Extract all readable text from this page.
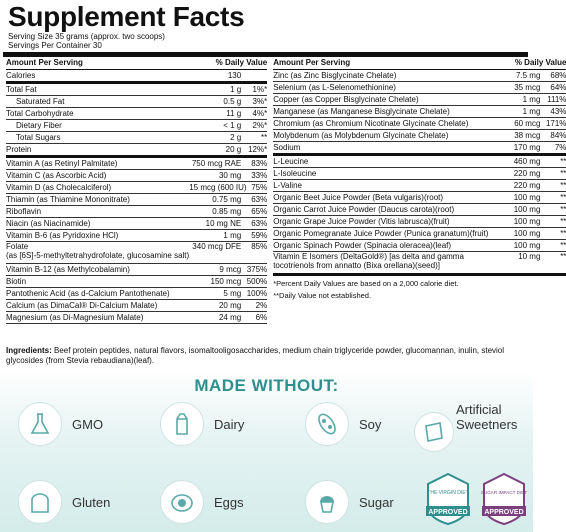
Supplement Facts
Serving Size 35 grams (approx. two scoops)
Servings Per Container 30
Amount Per Serving	% Daily Value
Calories	130
Total Fat	1 g	1%*
Saturated Fat	0.5 g	3%*
Total Carbohydrate	11 g	4%*
Dietary Fiber	< 1 g	2%*
Total Sugars	2 g	**
Protein	20 g 12%*
Vitamin A (as Retinyl Palmitate)	750 mcg RAE	83%
Vitamin C (as Ascorbic Acid)	30 mg	33%
Vitamin D (as Cholecalciferol)	15 mcg (600 IU) 75%
Thiamin (as Thiamine Mononitrate)	0.75 mg	63%
Riboflavin	0.85 mg	65%
Niacin (as Niacinamide)	10 mg NE	63%
Vitamin B-6 (as Pyridoxine HCl)	1 mg	59%
Folate
(as [6S]-5-methyltetrahydrofolate, glucosamine salt)
340 mcg DFE	85%
Vitamin B-12 (as Methylcobalamin)	9 mcg 375%
Biotin	150 mcg 500%
Pantothenic Acid (as d-Calcium Pantothenate)	5 mg 100%
Calcium (as DimaCal® Di-Calcium Malate)	20 mg	2%
Magnesium (as Di-Magnesium Malate)	24 mg	6%
Amount Per Serving	% Daily Value
Zinc (as Zinc Bisglycinate Chelate)	7.5 mg	68%
Selenium (as L-Selenomethionine)	35 mcg	64%
Copper (as Copper Bisglycinate Chelate)	1 mg 111%
Manganese (as Manganese Bisglycinate Chelate)	1 mg	43%
Chromium (as Chromium Nicotinate Glycinate Chelate)	60 mcg 171%
Molybdenum (as Molybdenum Glycinate Chelate)	38 mcg	84%
Sodium	170 mg	7%
L-Leucine	460 mg	**
L-Isoleucine	220 mg	**
L-Valine	220 mg	**
Organic Beet Juice Powder (Beta vulgaris)(root)	100 mg	**
Organic Carrot Juice Powder (Daucus carota)(root)	100 mg	**
Organic Grape Juice Powder (Vitis labrusca)(fruit)	100 mg	**
Organic Pomegranate Juice Powder (Punica granatum)(fruit)	100 mg	**
Organic Spinach Powder (Spinacia oleracea)(leaf)	100 mg	**
Vitamin E Isomers (DeltaGold®) [as delta and gamma
tocotrienols from annatto (Bixa orellana)(seed)]
10 mg	**
*Percent Daily Values are based on a 2,000 calorie diet.
**Daily Value not established.
Ingredients: Beef protein peptides, natural flavors, isomaltooligosaccharides, medium chain triglyceride powder, glucomannan, inulin, steviol glycosides (from Stevia rebaudiana)(leaf).
MADE WITHOUT:
GMO	Dairy	Soy
Artificial
Sweetners
Gluten	Eggs	Sugar
THE VIRGIN DIET
APPROVED
SUGAR IMPACT DIET
APPROVED
